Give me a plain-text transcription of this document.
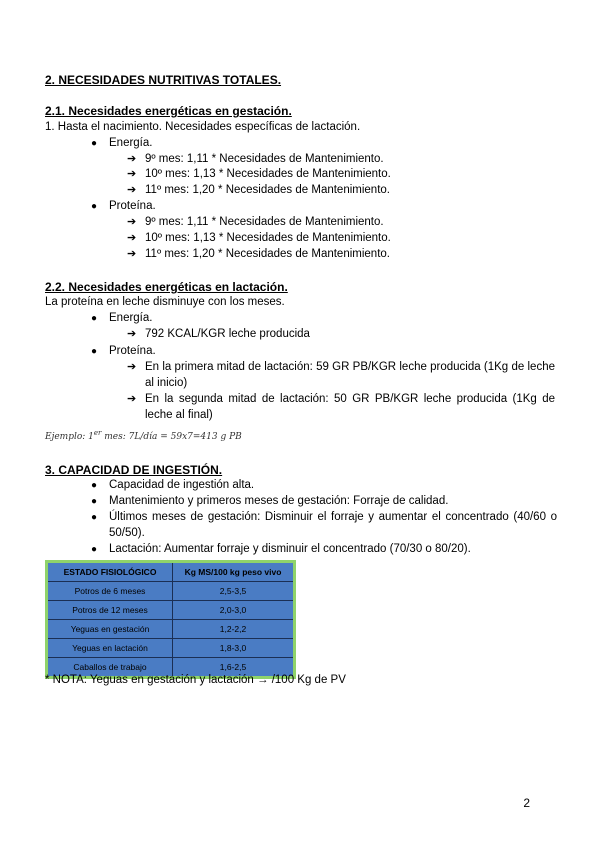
2. NECESIDADES NUTRITIVAS TOTALES.
2.1. Necesidades energéticas en gestación.
1. Hasta el nacimiento. Necesidades específicas de lactación.
● Energía.
➔ 9º mes: 1,11 * Necesidades de Mantenimiento.
➔ 10º mes: 1,13 * Necesidades de Mantenimiento.
➔ 11º mes: 1,20 * Necesidades de Mantenimiento.
● Proteína.
➔ 9º mes: 1,11 * Necesidades de Mantenimiento.
➔ 10º mes: 1,13 * Necesidades de Mantenimiento.
➔ 11º mes: 1,20 * Necesidades de Mantenimiento.
2.2. Necesidades energéticas en lactación.
La proteína en leche disminuye con los meses.
● Energía.
➔ 792 KCAL/KGR leche producida
● Proteína.
➔ En la primera mitad de lactación: 59 GR PB/KGR leche producida (1Kg de leche al inicio)
➔ En la segunda mitad de lactación: 50 GR PB/KGR leche producida (1Kg de leche al final)
Ejemplo: 1er mes: 7L/día = 59x7=413 g PB
3. CAPACIDAD DE INGESTIÓN.
● Capacidad de ingestión alta.
● Mantenimiento y primeros meses de gestación: Forraje de calidad.
● Últimos meses de gestación: Disminuir el forraje y aumentar el concentrado (40/60 o 50/50).
● Lactación: Aumentar forraje y disminuir el concentrado (70/30 o 80/20).
ESTADO FISIOLÓGICO	Kg MS/100 kg peso vivo
Potros de 6 meses	2,5-3,5
Potros de 12 meses	2,0-3,0
Yeguas en gestación	1,2-2,2
Yeguas en lactación	1,8-3,0
Caballos de trabajo	1,6-2,5
* NOTA: Yeguas en gestación y lactación → /100 Kg de PV
2
